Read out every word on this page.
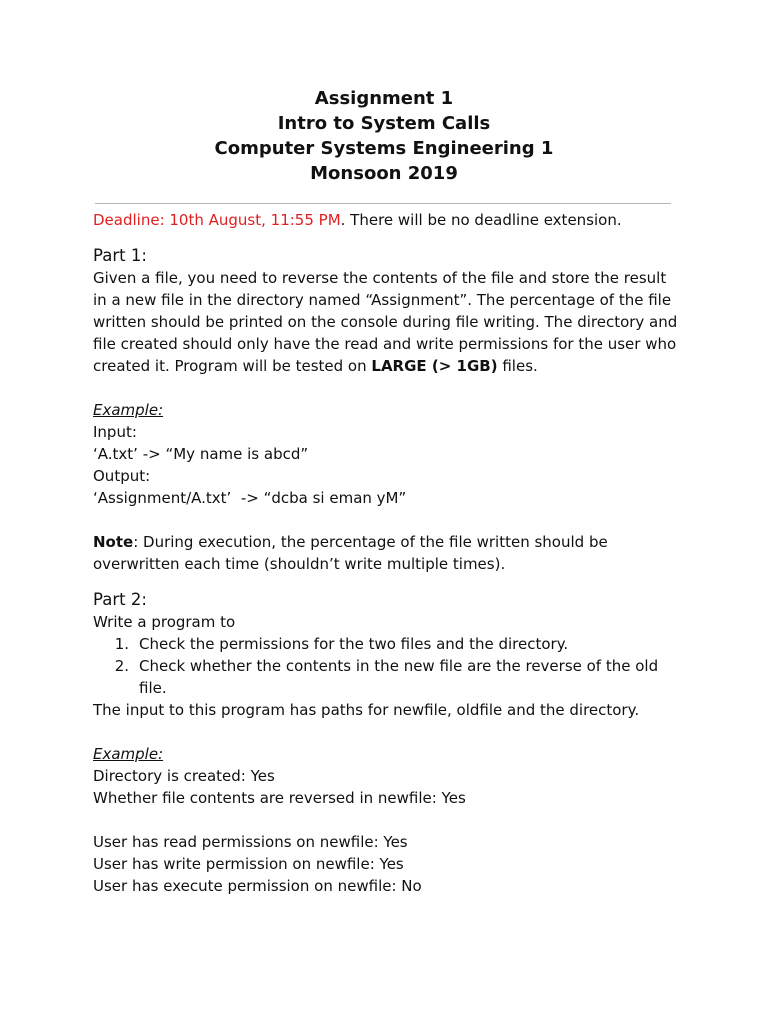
Assignment 1
Intro to System Calls
Computer Systems Engineering 1
Monsoon 2019

Deadline: 10th August, 11:55 PM. There will be no deadline extension.

Part 1:

Given a file, you need to reverse the contents of the file and store the result in a new file in the directory named “Assignment”. The percentage of the file written should be printed on the console during file writing. The directory and file created should only have the read and write permissions for the user who created it. Program will be tested on LARGE (> 1GB) files.

Example:

Input:

‘A.txt’ -> “My name is abcd”

Output:

‘Assignment/A.txt’  -> “dcba si eman yM”

Note: During execution, the percentage of the file written should be overwritten each time (shouldn’t write multiple times).

Part 2:

Write a program to

1. Check the permissions for the two files and the directory.
2. Check whether the contents in the new file are the reverse of the old file.

The input to this program has paths for newfile, oldfile and the directory.

Example:

Directory is created: Yes

Whether file contents are reversed in newfile: Yes

User has read permissions on newfile: Yes

User has write permission on newfile: Yes

User has execute permission on newfile: No
